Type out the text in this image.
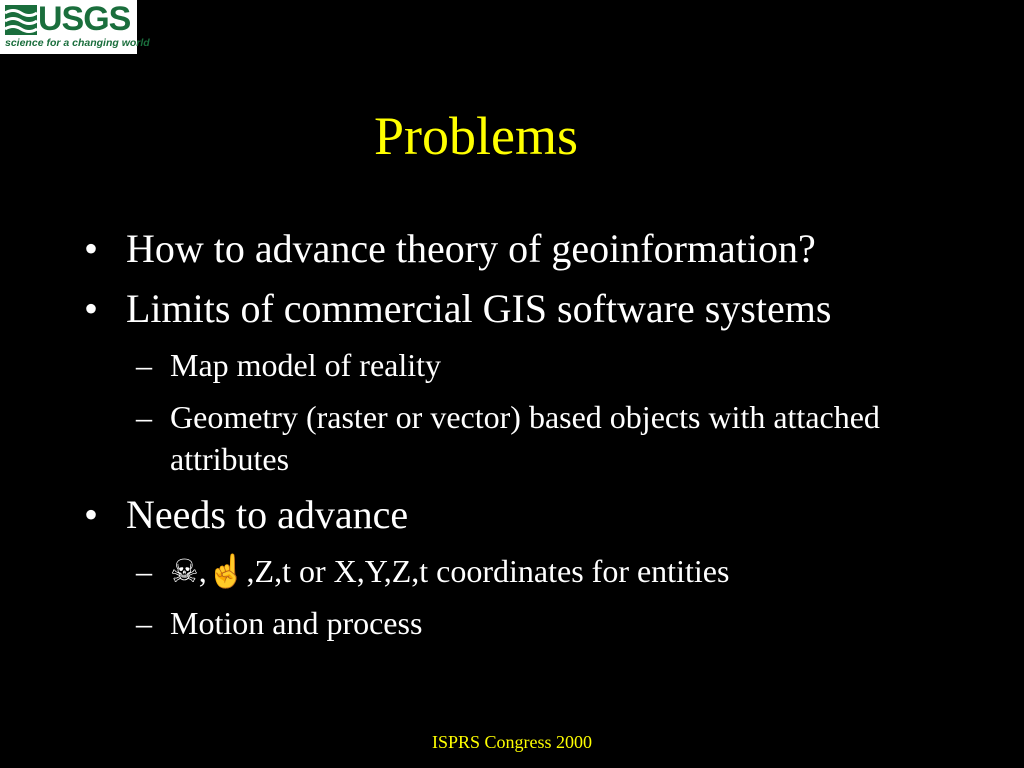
USGS
science for a changing world
Problems
• How to advance theory of geoinformation?
• Limits of commercial GIS software systems
– Map model of reality
– Geometry (raster or vector) based objects with attached attributes
• Needs to advance
– ☠,☝,Z,t or X,Y,Z,t coordinates for entities
– Motion and process
ISPRS Congress 2000
